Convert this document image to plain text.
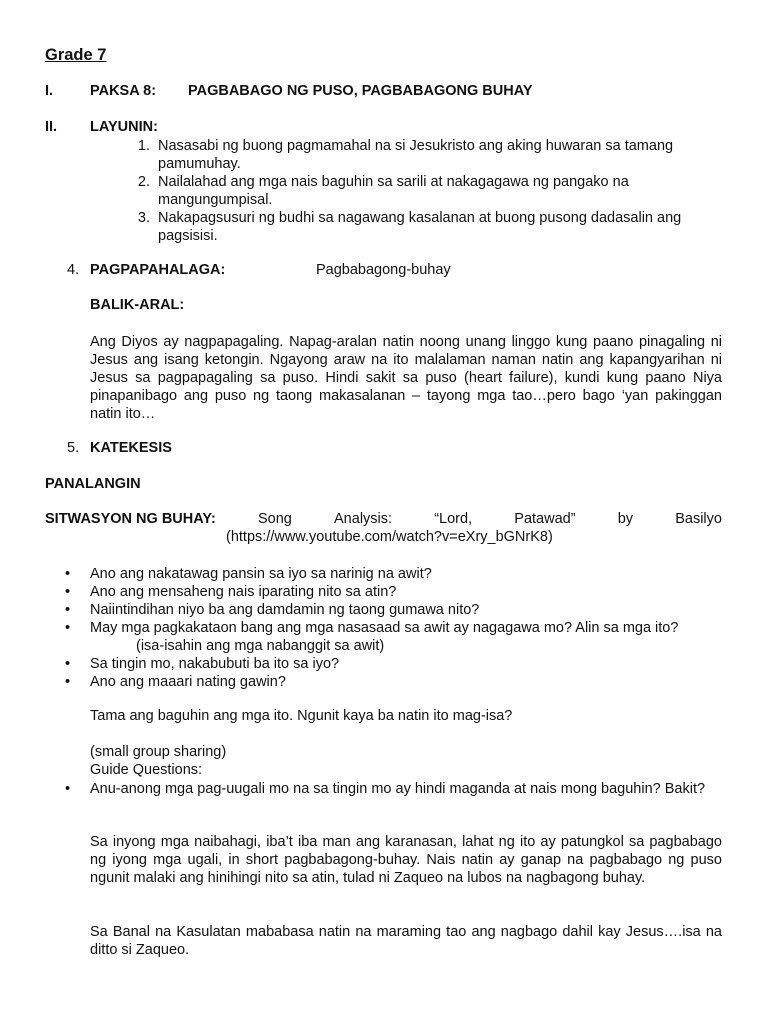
Grade 7
I.	PAKSA 8: PAGBABAGO NG PUSO, PAGBABAGONG BUHAY
II. LAYUNIN:
1. Nasasabi ng buong pagmamahal na si Jesukristo ang aking huwaran sa tamang
pamumuhay.
2. Nailalahad ang mga nais baguhin sa sarili at nakagagawa ng pangako na
mangungumpisal.
3. Nakapagsusuri ng budhi sa nagawang kasalanan at buong pusong dadasalin ang
pagsisisi.
4. PAGPAPAHALAGA:	Pagbabagong-buhay
BALIK-ARAL:
Ang Diyos ay nagpapagaling. Napag-aralan natin noong unang linggo kung paano pinagaling ni Jesus ang isang ketongin. Ngayong araw na ito malalaman naman natin ang kapangyarihan ni Jesus sa pagpapagaling sa puso. Hindi sakit sa puso (heart failure), kundi kung paano Niya pinapanibago ang puso ng taong makasalanan – tayong mga tao…pero bago ‘yan pakinggan natin ito…
5. KATEKESIS
PANALANGIN
SITWASYON NG BUHAY:	Song	Analysis:	“Lord,	Patawad”	by	Basilyo
(https://www.youtube.com/watch?v=eXry_bGNrK8)
• Ano ang nakatawag pansin sa iyo sa narinig na awit?
• Ano ang mensaheng nais iparating nito sa atin?
• Naiintindihan niyo ba ang damdamin ng taong gumawa nito?
• May mga pagkakataon bang ang mga nasasaad sa awit ay nagagawa mo? Alin sa mga ito?
(isa-isahin ang mga nabanggit sa awit)
• Sa tingin mo, nakabubuti ba ito sa iyo?
• Ano ang maaari nating gawin?
Tama ang baguhin ang mga ito. Ngunit kaya ba natin ito mag-isa?
(small group sharing)
Guide Questions:
• Anu-anong mga pag-uugali mo na sa tingin mo ay hindi maganda at nais mong baguhin? Bakit?
Sa inyong mga naibahagi, iba’t iba man ang karanasan, lahat ng ito ay patungkol sa pagbabago ng iyong mga ugali, in short pagbabagong-buhay. Nais natin ay ganap na pagbabago ng puso ngunit malaki ang hinihingi nito sa atin, tulad ni Zaqueo na lubos na nagbagong buhay.
Sa Banal na Kasulatan mababasa natin na maraming tao ang nagbago dahil kay Jesus….isa na ditto si Zaqueo.
